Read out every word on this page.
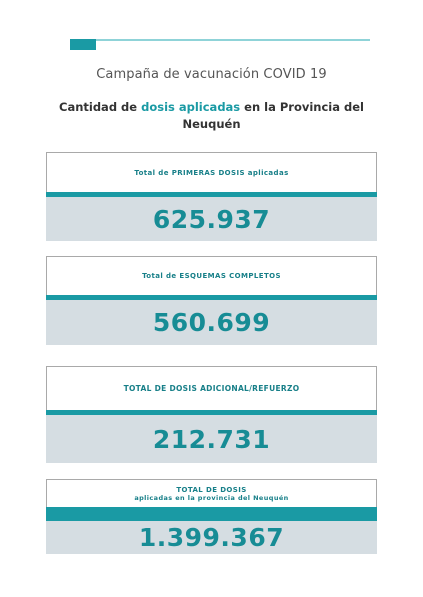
Campaña de vacunación COVID 19
Cantidad de dosis aplicadas en la Provincia del Neuquén
Total de PRIMERAS DOSIS aplicadas
625.937
Total de ESQUEMAS COMPLETOS
560.699
TOTAL DE DOSIS ADICIONAL/REFUERZO
212.731
TOTAL DE DOSIS
aplicadas en la provincia del Neuquén
1.399.367
